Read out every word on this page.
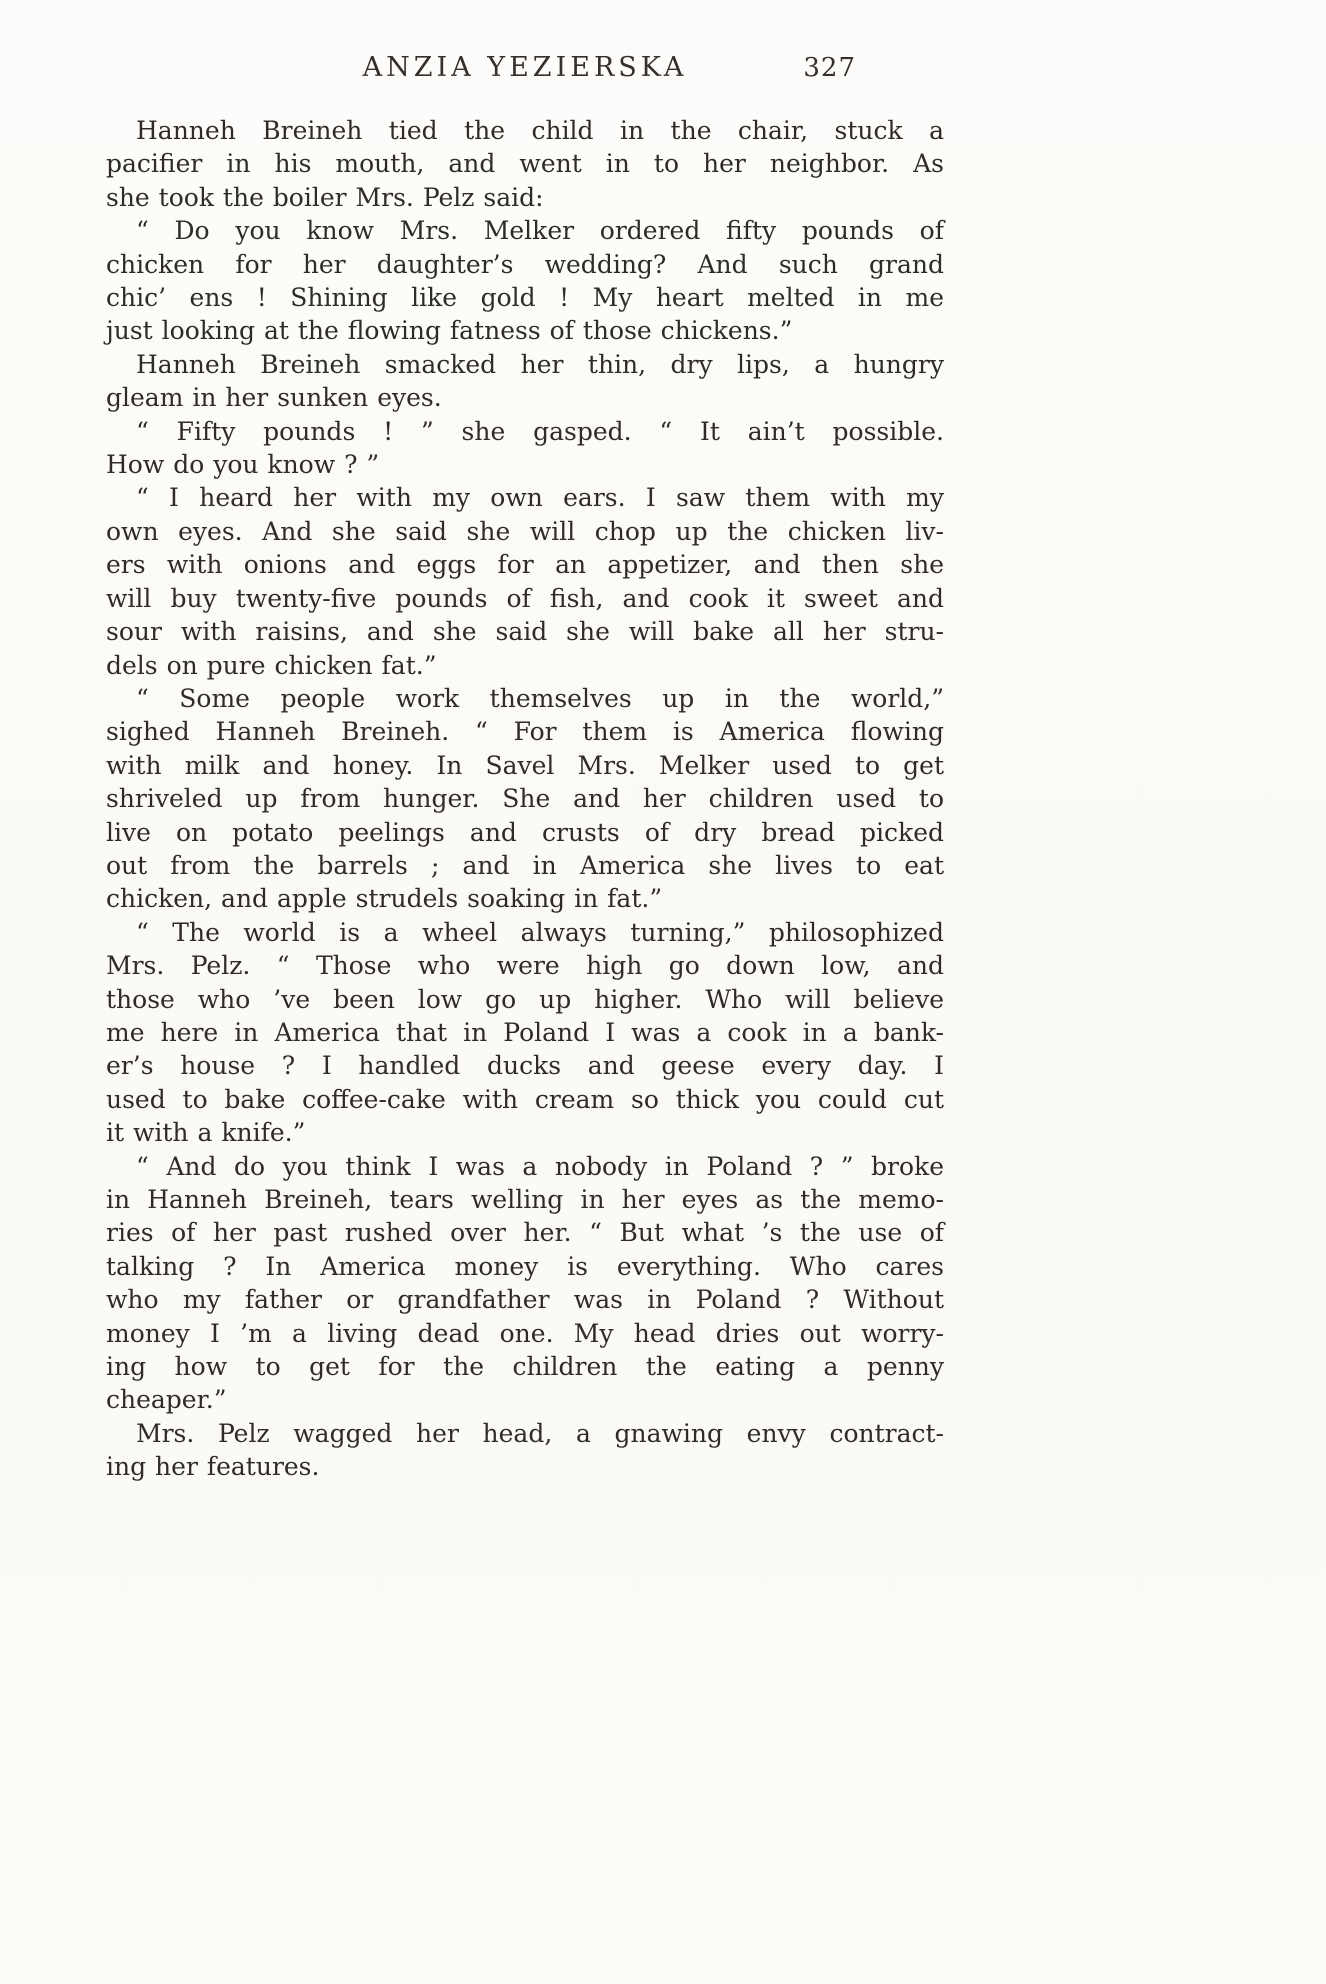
ANZIA YEZIERSKA	327
Hanneh Breineh tied the child in the chair, stuck a
pacifier in his mouth, and went in to her neighbor. As
she took the boiler Mrs. Pelz said:
“ Do you know Mrs. Melker ordered fifty pounds of
chicken for her daughter’s wedding? And such grand
chic’ ens ! Shining like gold ! My heart melted in me
just looking at the flowing fatness of those chickens.”
Hanneh Breineh smacked her thin, dry lips, a hungry
gleam in her sunken eyes.
“ Fifty pounds ! ” she gasped. “ It ain’t possible.
How do you know ? ”
“ I heard her with my own ears. I saw them with my
own eyes. And she said she will chop up the chicken liv-
ers with onions and eggs for an appetizer, and then she
will buy twenty-five pounds of fish, and cook it sweet and
sour with raisins, and she said she will bake all her stru-
dels on pure chicken fat.”
“ Some people work themselves up in the world,”
sighed Hanneh Breineh. “ For them is America flowing
with milk and honey. In Savel Mrs. Melker used to get
shriveled up from hunger. She and her children used to
live on potato peelings and crusts of dry bread picked
out from the barrels ; and in America she lives to eat
chicken, and apple strudels soaking in fat.”
“ The world is a wheel always turning,” philosophized
Mrs. Pelz. “ Those who were high go down low, and
those who ’ve been low go up higher. Who will believe
me here in America that in Poland I was a cook in a bank-
er’s house ? I handled ducks and geese every day. I
used to bake coffee-cake with cream so thick you could cut
it with a knife.”
“ And do you think I was a nobody in Poland ? ” broke
in Hanneh Breineh, tears welling in her eyes as the memo-
ries of her past rushed over her. “ But what ’s the use of
talking ? In America money is everything. Who cares
who my father or grandfather was in Poland ? Without
money I ’m a living dead one. My head dries out worry-
ing how to get for the children the eating a penny
cheaper.”
Mrs. Pelz wagged her head, a gnawing envy contract-
ing her features.
